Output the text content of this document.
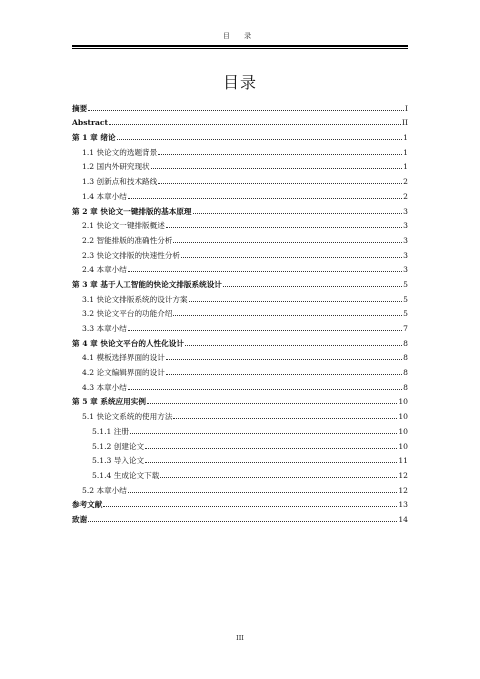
目 录
目录
摘要	I
Abstract	II
第 1 章 绪论	1
1.1 快论文的选题背景	1
1.2 国内外研究现状	1
1.3 创新点和技术路线	2
1.4 本章小结	2
第 2 章 快论文一键排版的基本原理	3
2.1 快论文一键排版概述	3
2.2 智能排版的准确性分析	3
2.3 快论文排版的快速性分析	3
2.4 本章小结	3
第 3 章 基于人工智能的快论文排版系统设计	5
3.1 快论文排版系统的设计方案	5
3.2 快论文平台的功能介绍	5
3.3 本章小结	7
第 4 章 快论文平台的人性化设计	8
4.1 模板选择界面的设计	8
4.2 论文编辑界面的设计	8
4.3 本章小结	8
第 5 章 系统应用实例	10
5.1 快论文系统的使用方法	10
5.1.1 注册	10
5.1.2 创建论文	10
5.1.3 导入论文	11
5.1.4 生成论文下载	12
5.2 本章小结	12
参考文献	13
致谢	14
III
